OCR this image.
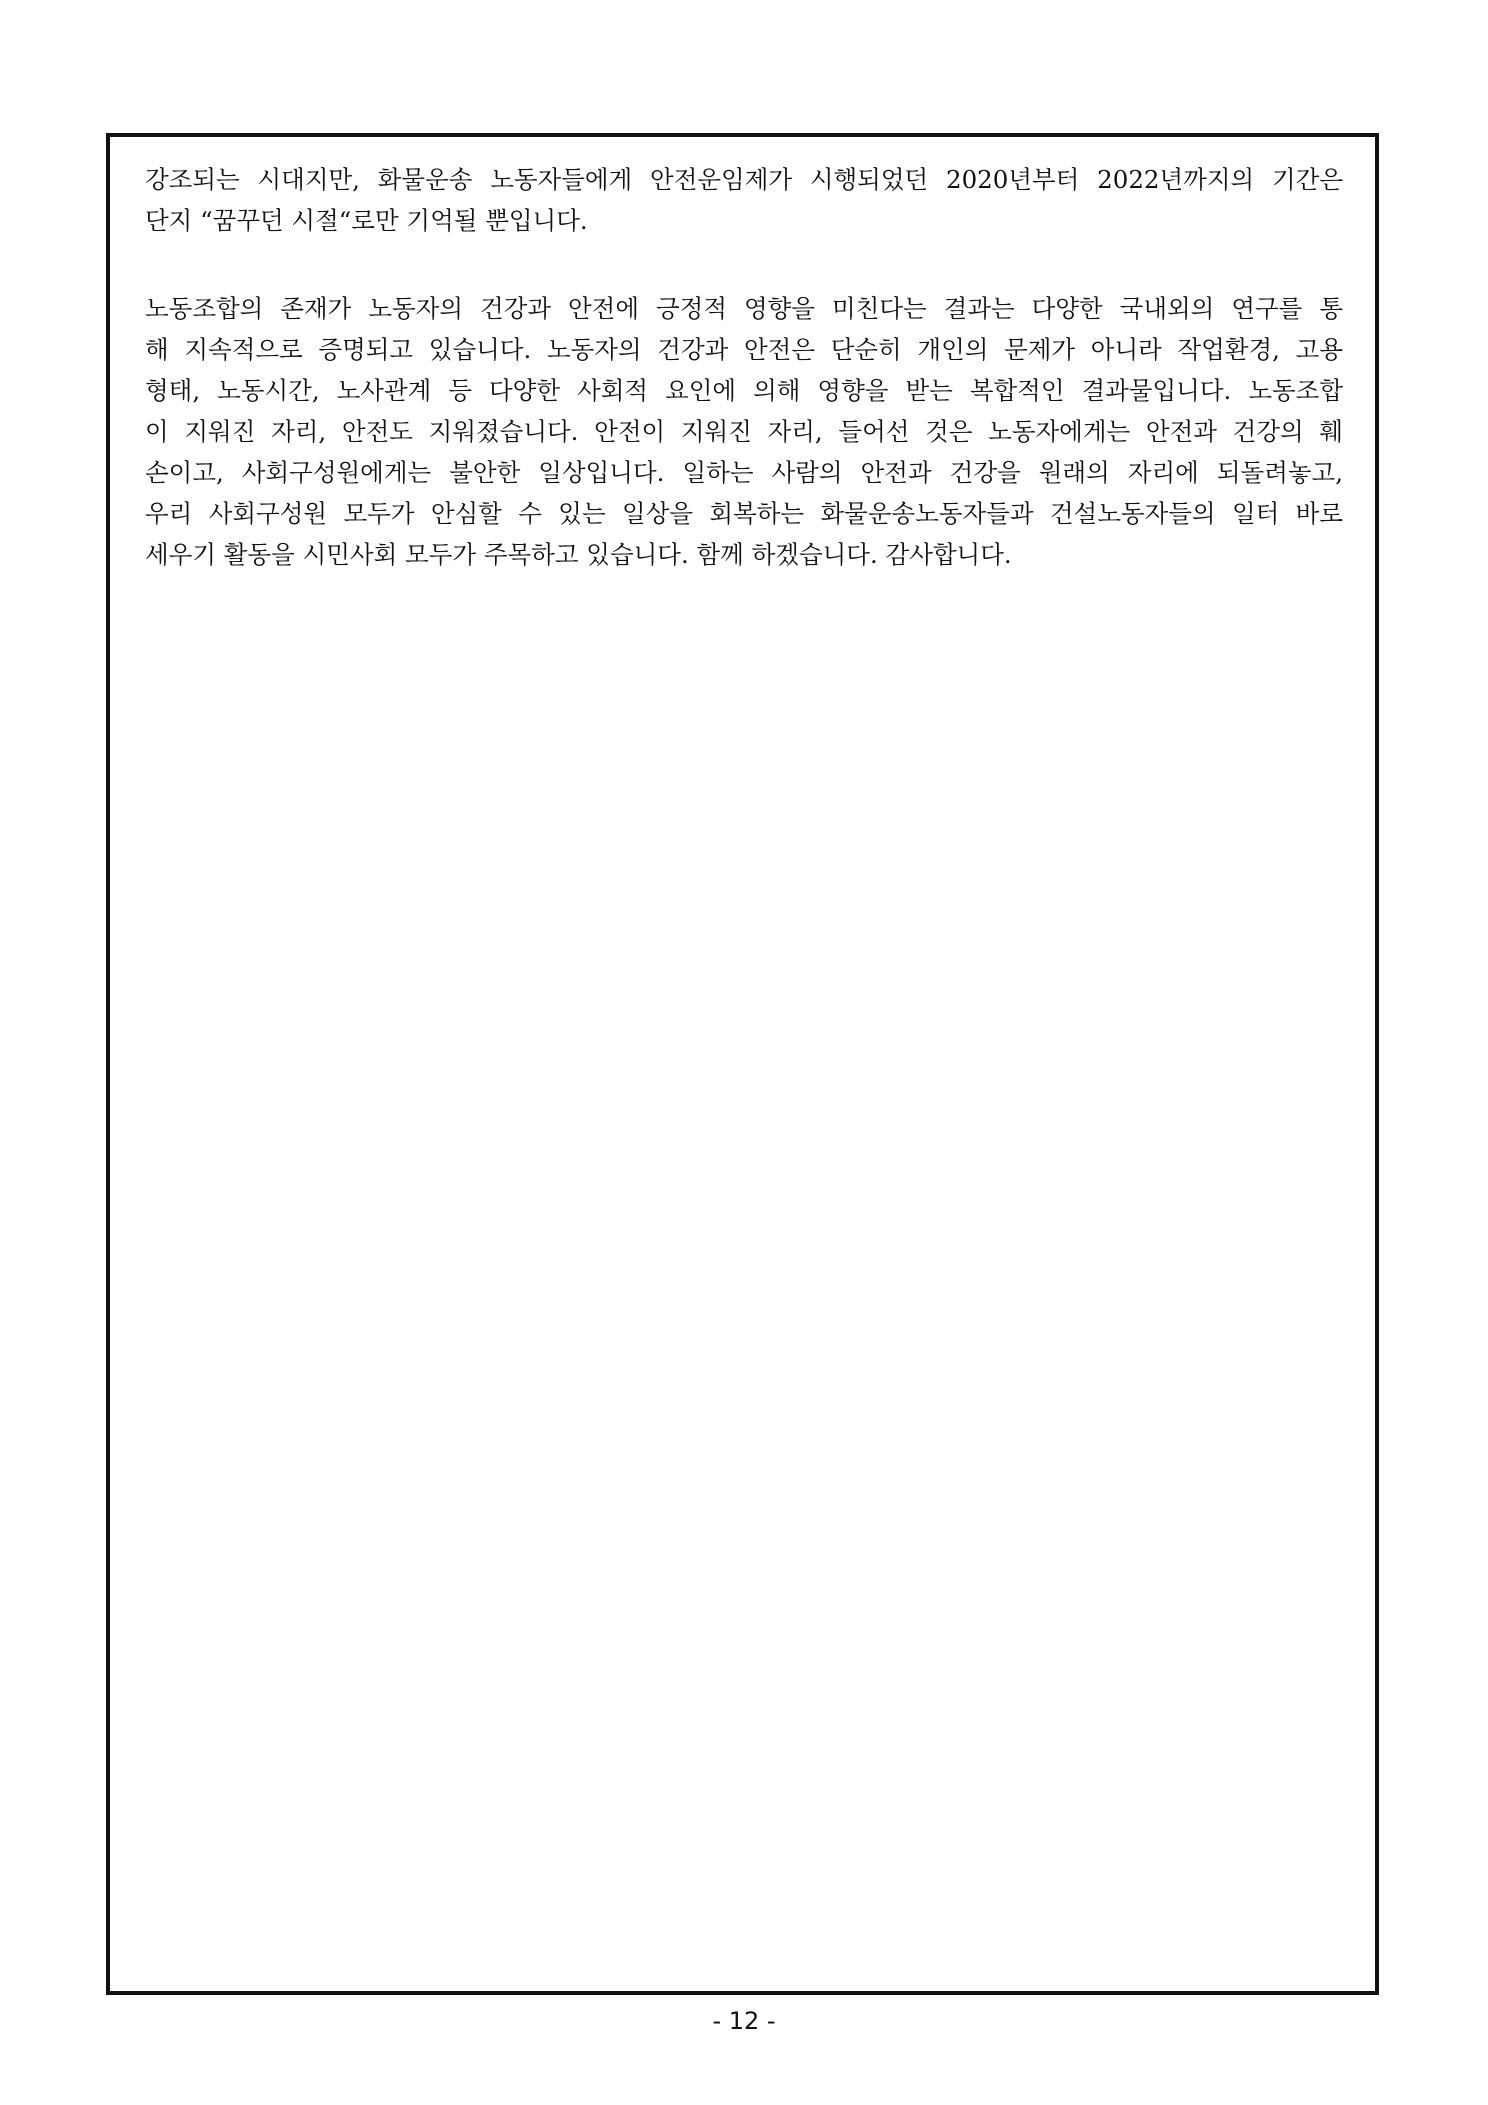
강조되는 시대지만, 화물운송 노동자들에게 안전운임제가 시행되었던 2020년부터 2022년까지의 기간은
단지 “꿈꾸던 시절“로만 기억될 뿐입니다.
노동조합의 존재가 노동자의 건강과 안전에 긍정적 영향을 미친다는 결과는 다양한 국내외의 연구를 통
해 지속적으로 증명되고 있습니다. 노동자의 건강과 안전은 단순히 개인의 문제가 아니라 작업환경, 고용
형태, 노동시간, 노사관계 등 다양한 사회적 요인에 의해 영향을 받는 복합적인 결과물입니다. 노동조합
이 지워진 자리, 안전도 지워졌습니다. 안전이 지워진 자리, 들어선 것은 노동자에게는 안전과 건강의 훼
손이고, 사회구성원에게는 불안한 일상입니다. 일하는 사람의 안전과 건강을 원래의 자리에 되돌려놓고,
우리 사회구성원 모두가 안심할 수 있는 일상을 회복하는 화물운송노동자들과 건설노동자들의 일터 바로
세우기 활동을 시민사회 모두가 주목하고 있습니다. 함께 하겠습니다. 감사합니다.
- 12 -
